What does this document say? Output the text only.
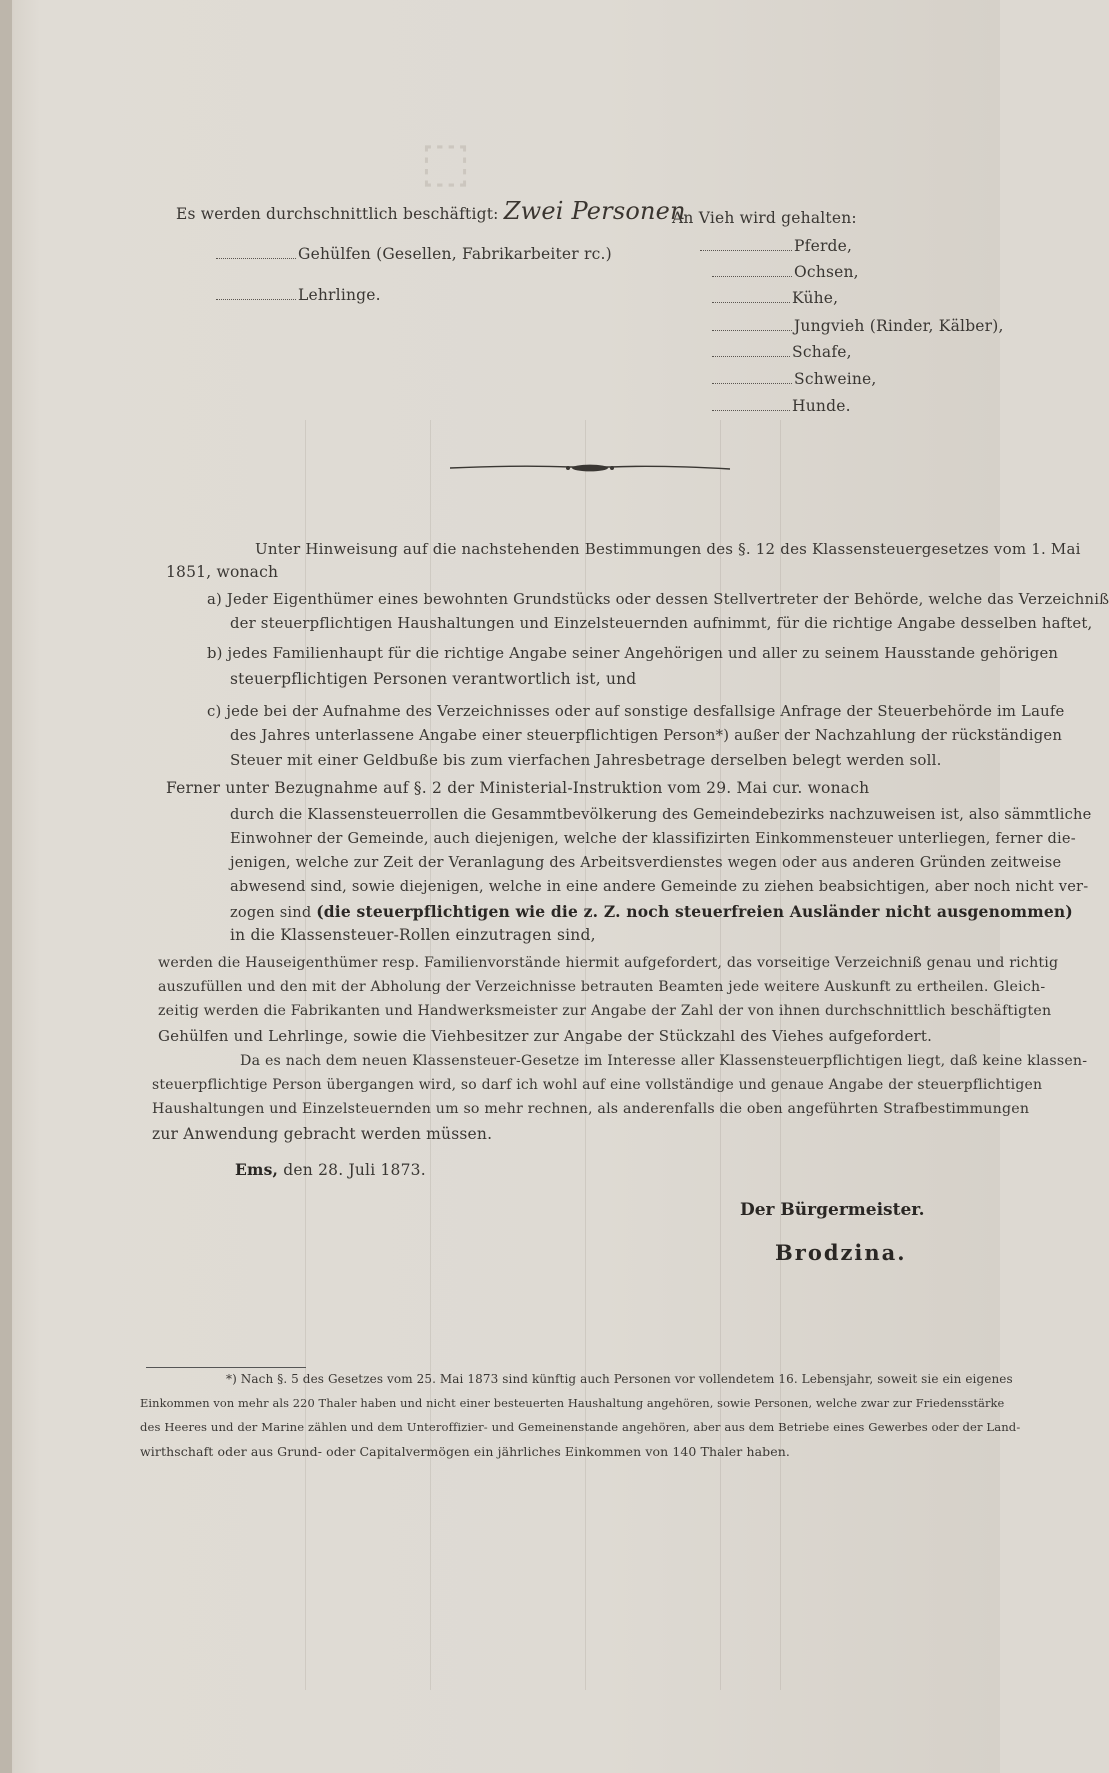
⬚
Es werden durchschnittlich beschäftigt: Zwei Personen
An Vieh wird gehalten:
Gehülfen (Gesellen, Fabrikarbeiter rc.)
Lehrlinge.
Pferde,
Ochsen,
Kühe,
Jungvieh (Rinder, Kälber),
Schafe,
Schweine,
Hunde.
Unter Hinweisung auf die nachstehenden Bestimmungen des §. 12 des Klassensteuergesetzes vom 1. Mai
1851, wonach
a) Jeder Eigenthümer eines bewohnten Grundstücks oder dessen Stellvertreter der Behörde, welche das Verzeichniß
der steuerpflichtigen Haushaltungen und Einzelsteuernden aufnimmt, für die richtige Angabe desselben haftet,
b) jedes Familienhaupt für die richtige Angabe seiner Angehörigen und aller zu seinem Hausstande gehörigen
steuerpflichtigen Personen verantwortlich ist, und
c) jede bei der Aufnahme des Verzeichnisses oder auf sonstige desfallsige Anfrage der Steuerbehörde im Laufe
des Jahres unterlassene Angabe einer steuerpflichtigen Person*) außer der Nachzahlung der rückständigen
Steuer mit einer Geldbuße bis zum vierfachen Jahresbetrage derselben belegt werden soll.
Ferner unter Bezugnahme auf §. 2 der Ministerial-Instruktion vom 29. Mai cur. wonach
durch die Klassensteuerrollen die Gesammtbevölkerung des Gemeindebezirks nachzuweisen ist, also sämmtliche
Einwohner der Gemeinde, auch diejenigen, welche der klassifizirten Einkommensteuer unterliegen, ferner die-
jenigen, welche zur Zeit der Veranlagung des Arbeitsverdienstes wegen oder aus anderen Gründen zeitweise
abwesend sind, sowie diejenigen, welche in eine andere Gemeinde zu ziehen beabsichtigen, aber noch nicht ver-
zogen sind (die steuerpflichtigen wie die z. Z. noch steuerfreien Ausländer nicht ausgenommen)
in die Klassensteuer-Rollen einzutragen sind,
werden die Hauseigenthümer resp. Familienvorstände hiermit aufgefordert, das vorseitige Verzeichniß genau und richtig
auszufüllen und den mit der Abholung der Verzeichnisse betrauten Beamten jede weitere Auskunft zu ertheilen. Gleich-
zeitig werden die Fabrikanten und Handwerksmeister zur Angabe der Zahl der von ihnen durchschnittlich beschäftigten
Gehülfen und Lehrlinge, sowie die Viehbesitzer zur Angabe der Stückzahl des Viehes aufgefordert.
Da es nach dem neuen Klassensteuer-Gesetze im Interesse aller Klassensteuerpflichtigen liegt, daß keine klassen-
steuerpflichtige Person übergangen wird, so darf ich wohl auf eine vollständige und genaue Angabe der steuerpflichtigen
Haushaltungen und Einzelsteuernden um so mehr rechnen, als anderenfalls die oben angeführten Strafbestimmungen
zur Anwendung gebracht werden müssen.
Ems, den 28. Juli 1873.
Der Bürgermeister.
Brodzina.
*) Nach §. 5 des Gesetzes vom 25. Mai 1873 sind künftig auch Personen vor vollendetem 16. Lebensjahr, soweit sie ein eigenes
Einkommen von mehr als 220 Thaler haben und nicht einer besteuerten Haushaltung angehören, sowie Personen, welche zwar zur Friedensstärke
des Heeres und der Marine zählen und dem Unteroffizier- und Gemeinenstande angehören, aber aus dem Betriebe eines Gewerbes oder der Land-
wirthschaft oder aus Grund- oder Capitalvermögen ein jährliches Einkommen von 140 Thaler haben.
